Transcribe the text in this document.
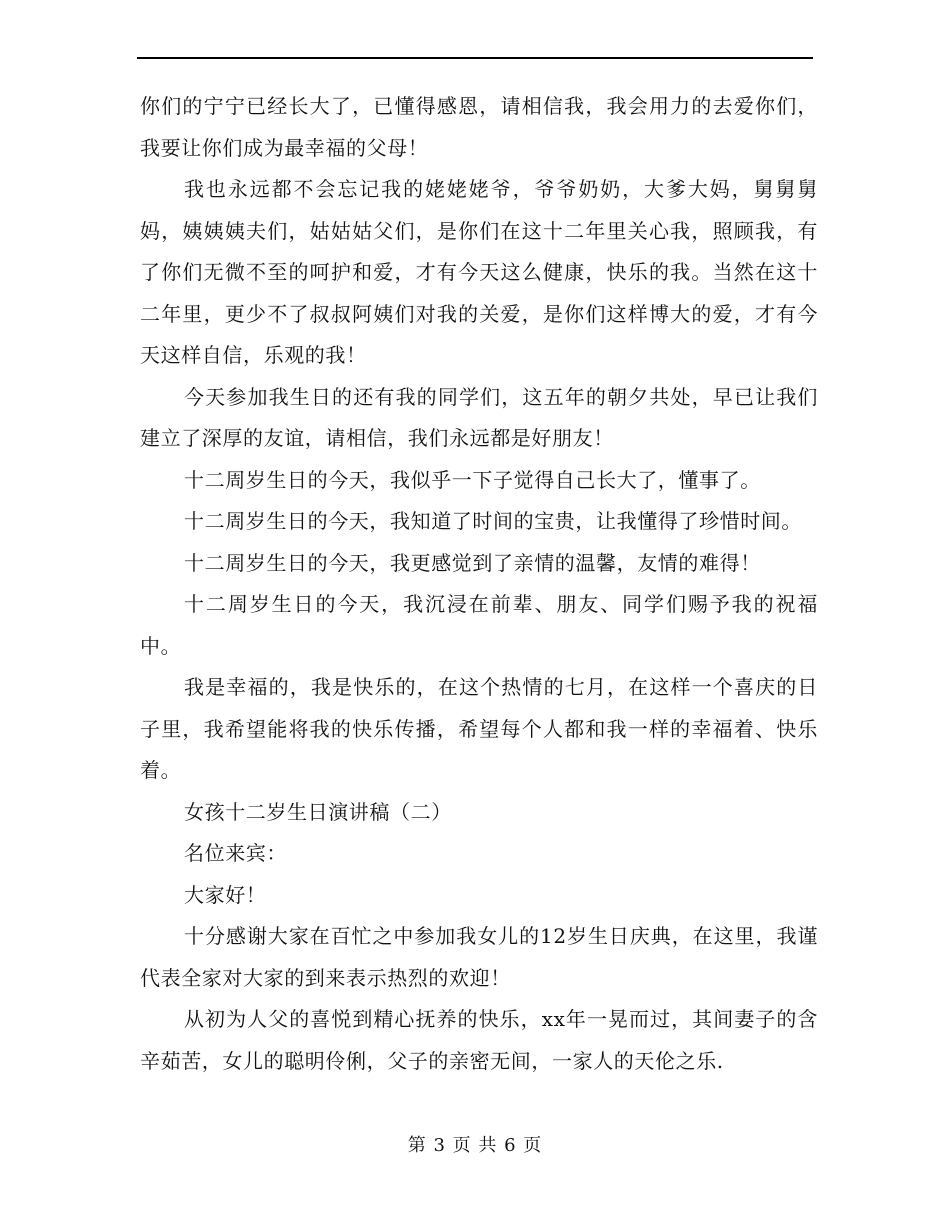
你们的宁宁已经长大了，已懂得感恩，请相信我，我会用力的去爱你们，我要让你们成为最幸福的父母！

我也永远都不会忘记我的姥姥姥爷，爷爷奶奶，大爹大妈，舅舅舅妈，姨姨姨夫们，姑姑姑父们，是你们在这十二年里关心我，照顾我，有了你们无微不至的呵护和爱，才有今天这么健康，快乐的我。当然在这十二年里，更少不了叔叔阿姨们对我的关爱，是你们这样博大的爱，才有今天这样自信，乐观的我！

今天参加我生日的还有我的同学们，这五年的朝夕共处，早已让我们建立了深厚的友谊，请相信，我们永远都是好朋友！

十二周岁生日的今天，我似乎一下子觉得自己长大了，懂事了。

十二周岁生日的今天，我知道了时间的宝贵，让我懂得了珍惜时间。

十二周岁生日的今天，我更感觉到了亲情的温馨，友情的难得！

十二周岁生日的今天，我沉浸在前辈、朋友、同学们赐予我的祝福中。

我是幸福的，我是快乐的，在这个热情的七月，在这样一个喜庆的日子里，我希望能将我的快乐传播，希望每个人都和我一样的幸福着、快乐着。

女孩十二岁生日演讲稿（二）

名位来宾：

大家好！

十分感谢大家在百忙之中参加我女儿的12岁生日庆典，在这里，我谨代表全家对大家的到来表示热烈的欢迎！

从初为人父的喜悦到精心抚养的快乐，xx年一晃而过，其间妻子的含辛茹苦，女儿的聪明伶俐，父子的亲密无间，一家人的天伦之乐.

第 3 页 共 6 页
